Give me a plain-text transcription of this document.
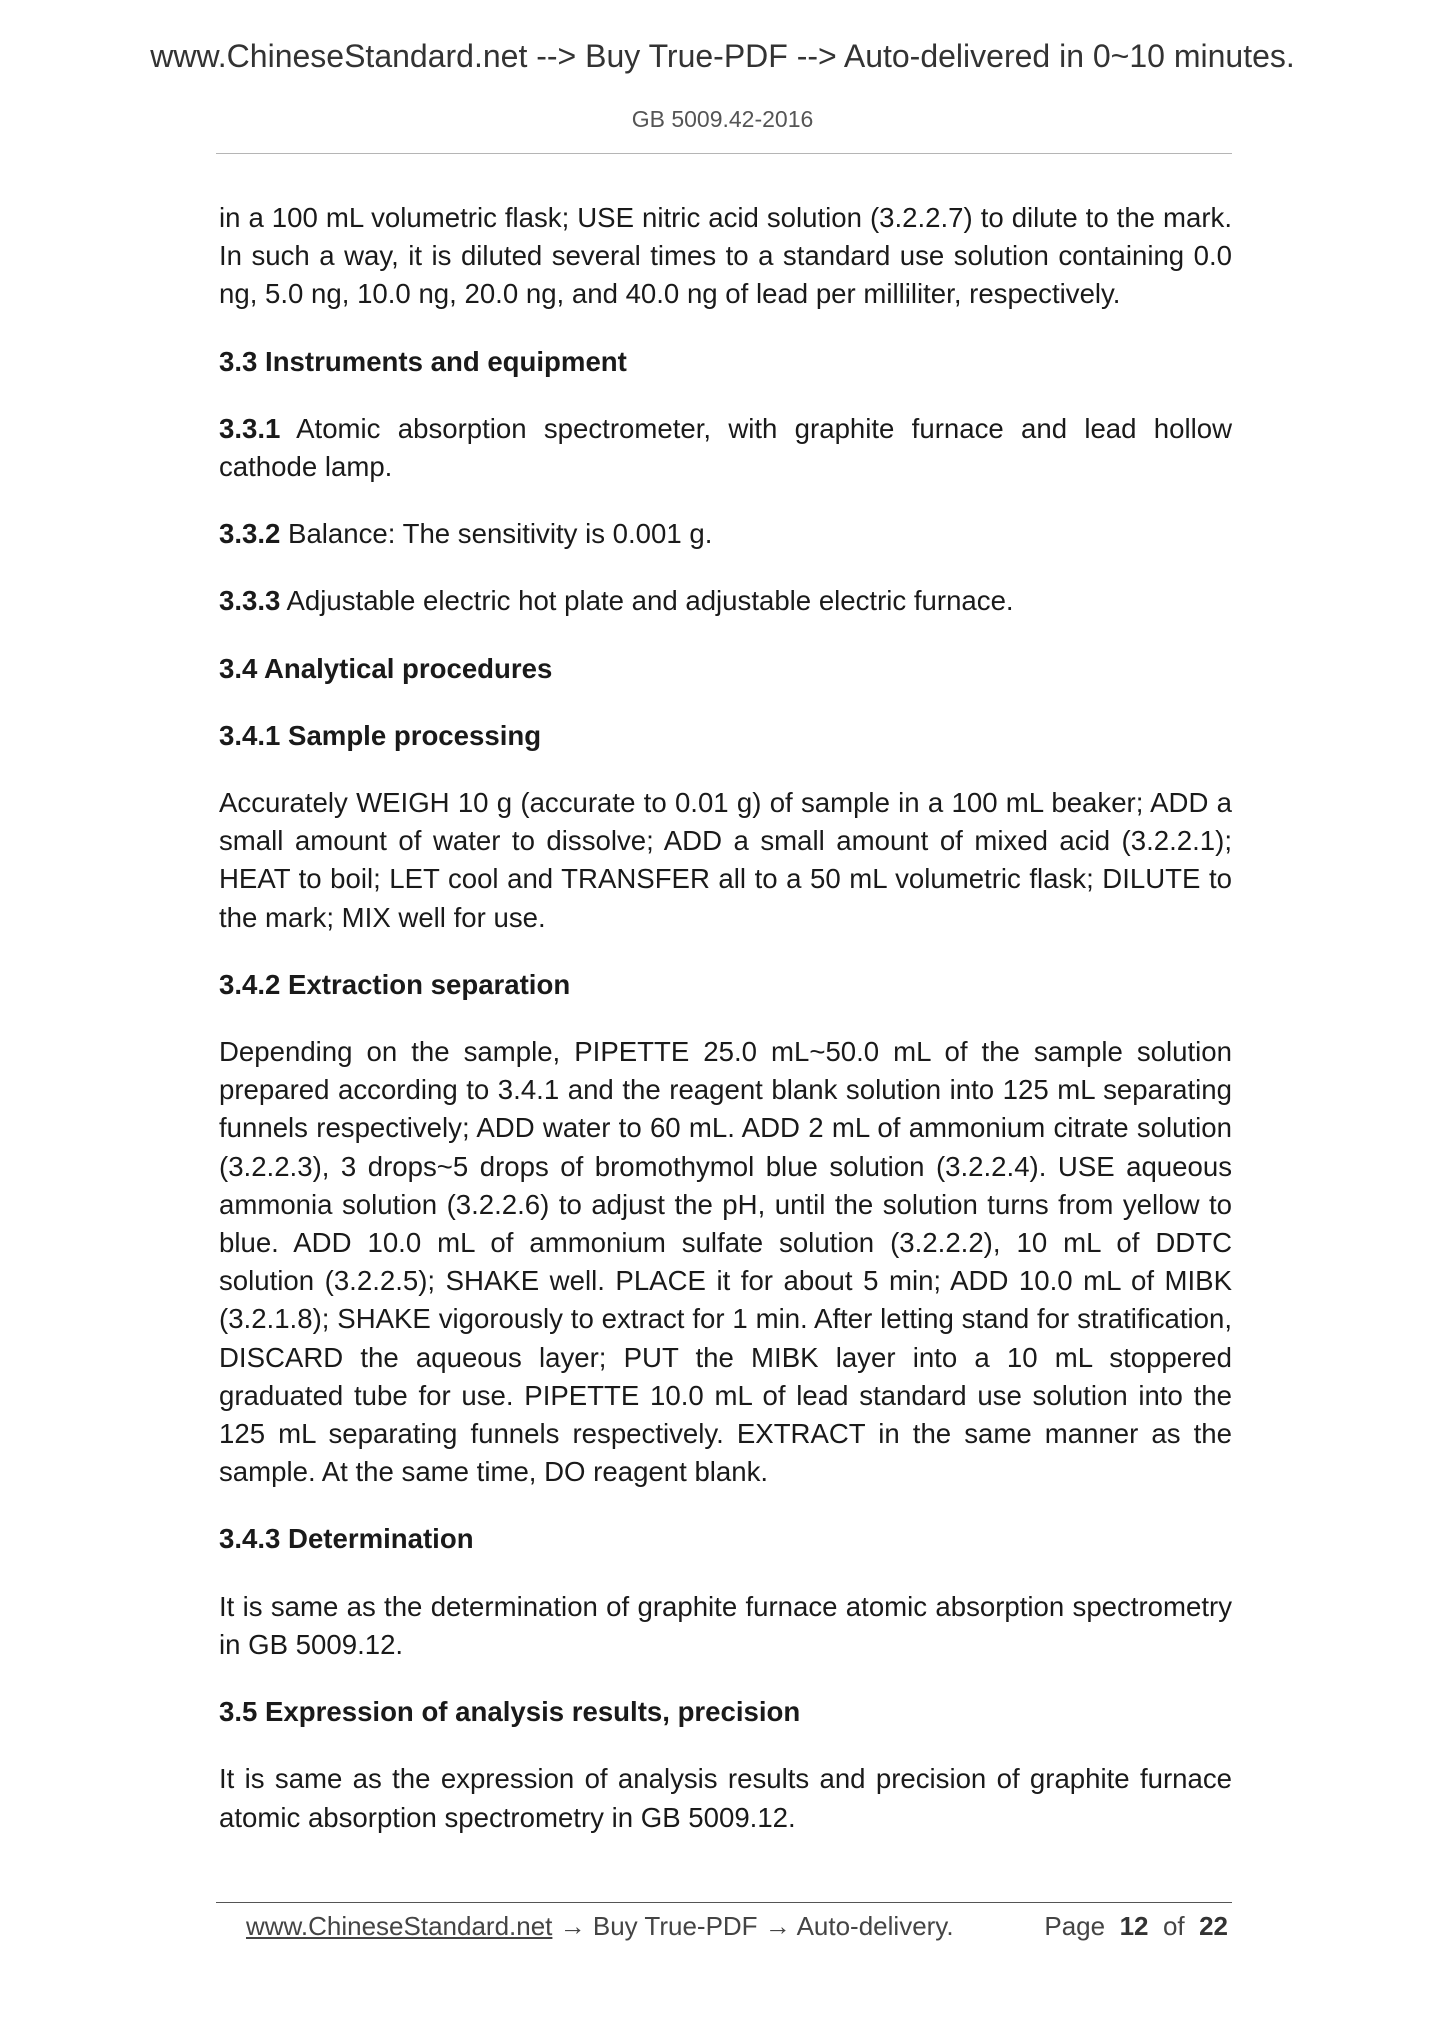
www.ChineseStandard.net --> Buy True-PDF --> Auto-delivered in 0~10 minutes.
GB 5009.42-2016

in a 100 mL volumetric flask; USE nitric acid solution (3.2.2.7) to dilute to the mark. In such a way, it is diluted several times to a standard use solution containing 0.0 ng, 5.0 ng, 10.0 ng, 20.0 ng, and 40.0 ng of lead per milliliter, respectively.

3.3 Instruments and equipment

3.3.1 Atomic absorption spectrometer, with graphite furnace and lead hollow cathode lamp.

3.3.2 Balance: The sensitivity is 0.001 g.

3.3.3 Adjustable electric hot plate and adjustable electric furnace.

3.4 Analytical procedures
3.4.1 Sample processing

Accurately WEIGH 10 g (accurate to 0.01 g) of sample in a 100 mL beaker; ADD a small amount of water to dissolve; ADD a small amount of mixed acid (3.2.2.1); HEAT to boil; LET cool and TRANSFER all to a 50 mL volumetric flask; DILUTE to the mark; MIX well for use.

3.4.2 Extraction separation

Depending on the sample, PIPETTE 25.0 mL~50.0 mL of the sample solution prepared according to 3.4.1 and the reagent blank solution into 125 mL separating funnels respectively; ADD water to 60 mL. ADD 2 mL of ammonium citrate solution (3.2.2.3), 3 drops~5 drops of bromothymol blue solution (3.2.2.4). USE aqueous ammonia solution (3.2.2.6) to adjust the pH, until the solution turns from yellow to blue. ADD 10.0 mL of ammonium sulfate solution (3.2.2.2), 10 mL of DDTC solution (3.2.2.5); SHAKE well. PLACE it for about 5 min; ADD 10.0 mL of MIBK (3.2.1.8); SHAKE vigorously to extract for 1 min. After letting stand for stratification, DISCARD the aqueous layer; PUT the MIBK layer into a 10 mL stoppered graduated tube for use. PIPETTE 10.0 mL of lead standard use solution into the 125 mL separating funnels respectively. EXTRACT in the same manner as the sample. At the same time, DO reagent blank.

3.4.3 Determination

It is same as the determination of graphite furnace atomic absorption spectrometry in GB 5009.12.

3.5 Expression of analysis results, precision

It is same as the expression of analysis results and precision of graphite furnace atomic absorption spectrometry in GB 5009.12.

www.ChineseStandard.net → Buy True-PDF → Auto-delivery.	Page 12 of 22
